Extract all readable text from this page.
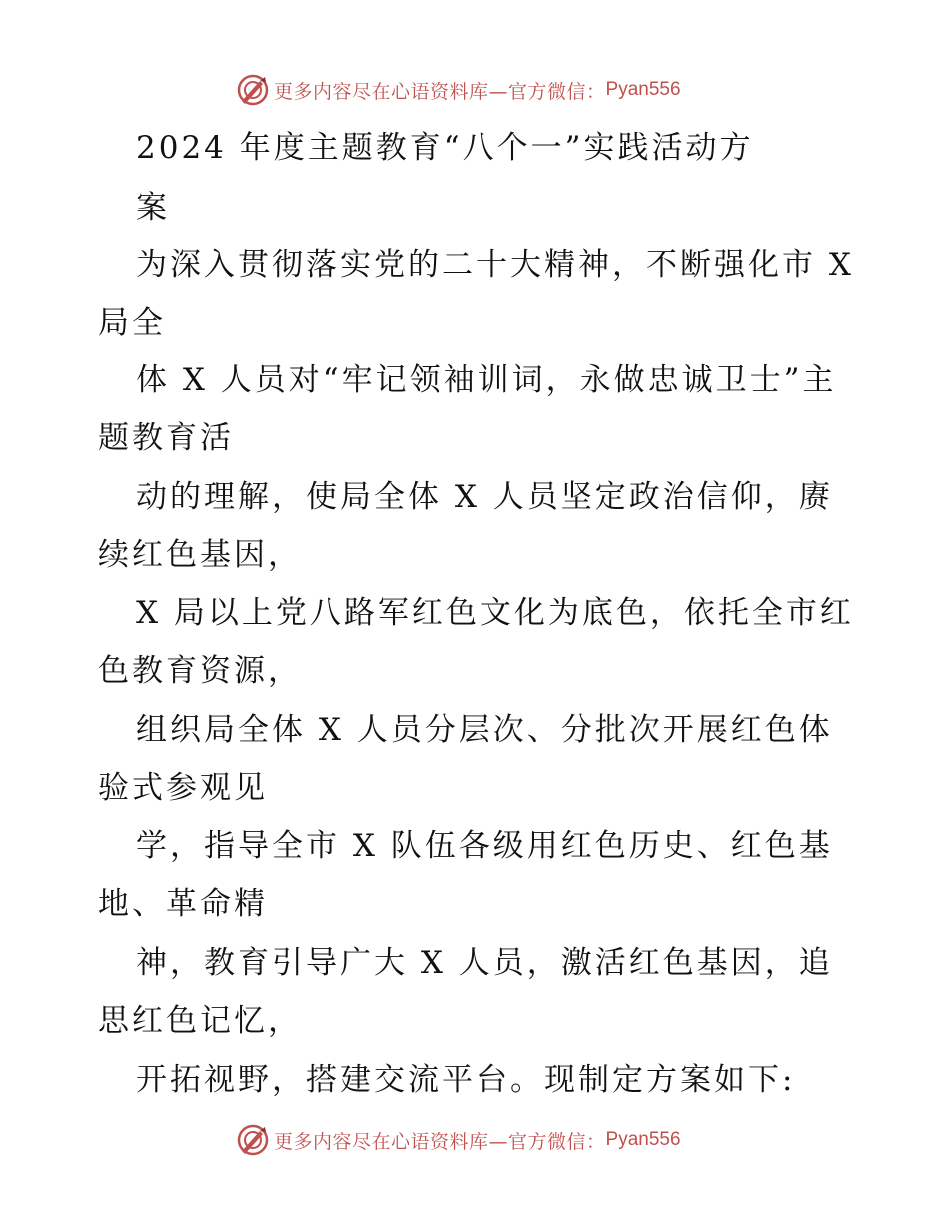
更多内容尽在心语资料库—官方微信： Pyan556
2024 年度主题教育“八个一”实践活动方
案
为深入贯彻落实党的二十大精神，不断强化市 X
局全
体 X 人员对“牢记领袖训词，永做忠诚卫士”主
题教育活
动的理解，使局全体 X 人员坚定政治信仰，赓
续红色基因，
X 局以上党八路军红色文化为底色，依托全市红
色教育资源，
组织局全体 X 人员分层次、分批次开展红色体
验式参观见
学，指导全市 X 队伍各级用红色历史、红色基
地、革命精
神，教育引导广大 X 人员，激活红色基因，追
思红色记忆，
开拓视野，搭建交流平台。现制定方案如下:
更多内容尽在心语资料库—官方微信： Pyan556
